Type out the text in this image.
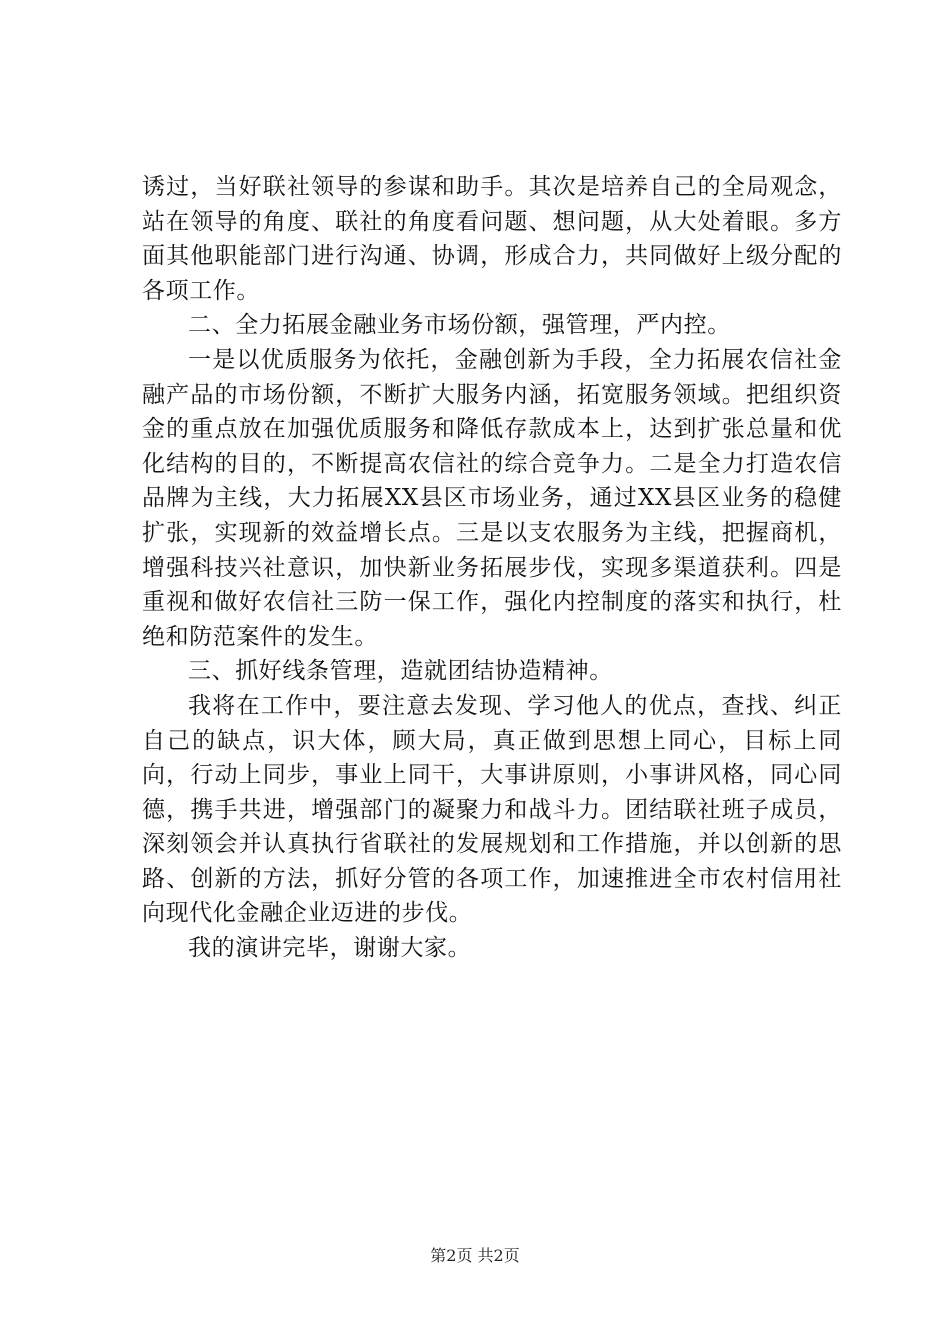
诱过，当好联社领导的参谋和助手。其次是培养自己的全局观念，站在领导的角度、联社的角度看问题、想问题，从大处着眼。多方面其他职能部门进行沟通、协调，形成合力，共同做好上级分配的各项工作。

二、全力拓展金融业务市场份额，强管理，严内控。

一是以优质服务为依托，金融创新为手段，全力拓展农信社金融产品的市场份额，不断扩大服务内涵，拓宽服务领域。把组织资金的重点放在加强优质服务和降低存款成本上，达到扩张总量和优化结构的目的，不断提高农信社的综合竞争力。二是全力打造农信品牌为主线，大力拓展XX县区市场业务，通过XX县区业务的稳健扩张，实现新的效益增长点。三是以支农服务为主线，把握商机，增强科技兴社意识，加快新业务拓展步伐，实现多渠道获利。四是重视和做好农信社三防一保工作，强化内控制度的落实和执行，杜绝和防范案件的发生。

三、抓好线条管理，造就团结协造精神。

我将在工作中，要注意去发现、学习他人的优点，查找、纠正自己的缺点，识大体，顾大局，真正做到思想上同心，目标上同向，行动上同步，事业上同干，大事讲原则，小事讲风格，同心同德，携手共进，增强部门的凝聚力和战斗力。团结联社班子成员，深刻领会并认真执行省联社的发展规划和工作措施，并以创新的思路、创新的方法，抓好分管的各项工作，加速推进全市农村信用社向现代化金融企业迈进的步伐。

我的演讲完毕，谢谢大家。

第2页 共2页
